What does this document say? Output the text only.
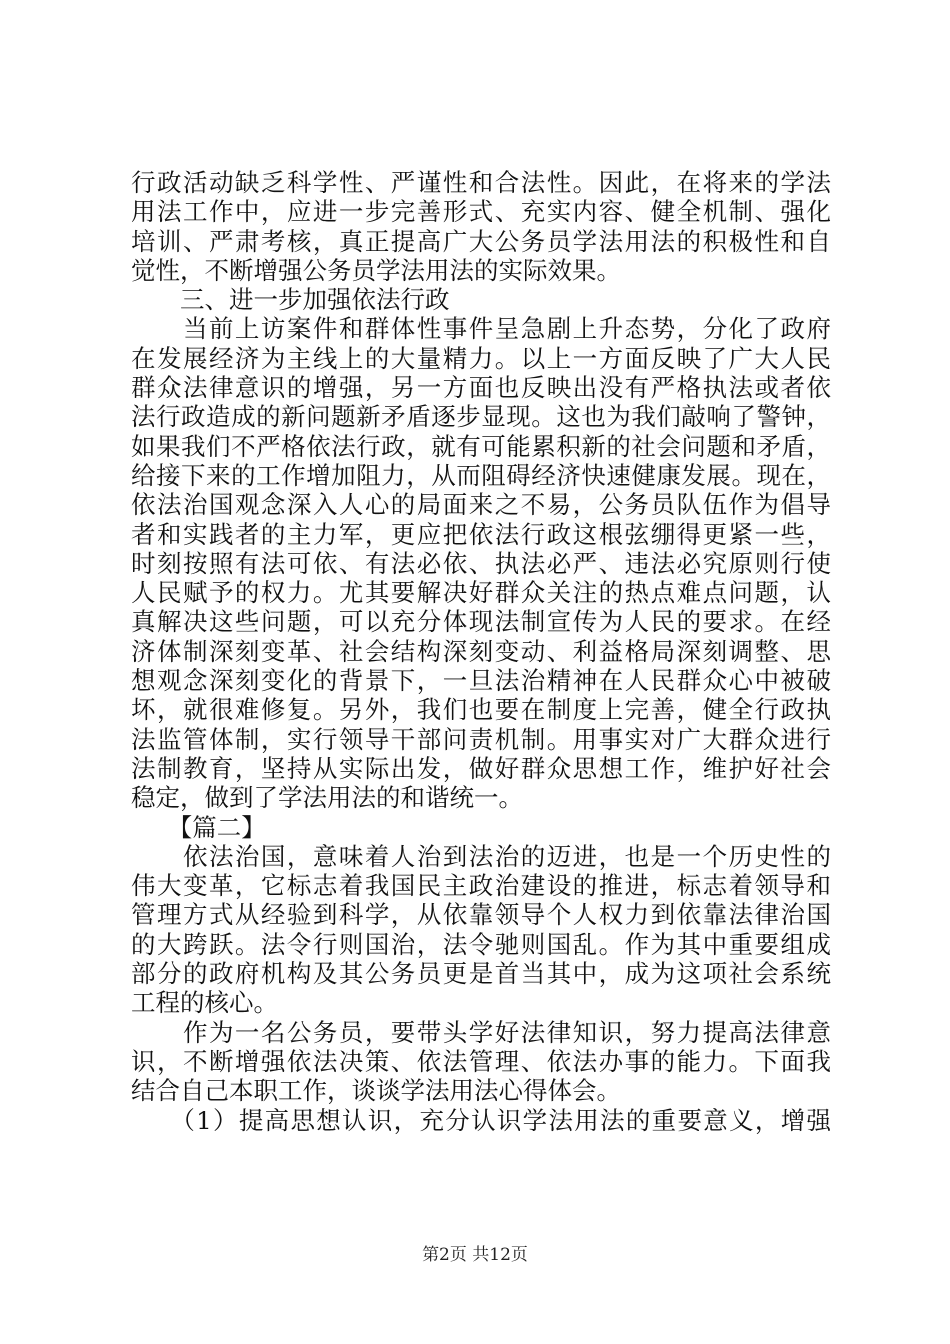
行政活动缺乏科学性、严谨性和合法性。因此，在将来的学法
用法工作中，应进一步完善形式、充实内容、健全机制、强化
培训、严肃考核，真正提高广大公务员学法用法的积极性和自
觉性，不断增强公务员学法用法的实际效果。
　　三、进一步加强依法行政
　　当前上访案件和群体性事件呈急剧上升态势，分化了政府
在发展经济为主线上的大量精力。以上一方面反映了广大人民
群众法律意识的增强，另一方面也反映出没有严格执法或者依
法行政造成的新问题新矛盾逐步显现。这也为我们敲响了警钟，
如果我们不严格依法行政，就有可能累积新的社会问题和矛盾，
给接下来的工作增加阻力，从而阻碍经济快速健康发展。现在，
依法治国观念深入人心的局面来之不易，公务员队伍作为倡导
者和实践者的主力军，更应把依法行政这根弦绷得更紧一些，
时刻按照有法可依、有法必依、执法必严、违法必究原则行使
人民赋予的权力。尤其要解决好群众关注的热点难点问题，认
真解决这些问题，可以充分体现法制宣传为人民的要求。在经
济体制深刻变革、社会结构深刻变动、利益格局深刻调整、思
想观念深刻变化的背景下，一旦法治精神在人民群众心中被破
坏，就很难修复。另外，我们也要在制度上完善，健全行政执
法监管体制，实行领导干部问责机制。用事实对广大群众进行
法制教育，坚持从实际出发，做好群众思想工作，维护好社会
稳定，做到了学法用法的和谐统一。
　　【篇二】
　　依法治国，意味着人治到法治的迈进，也是一个历史性的
伟大变革，它标志着我国民主政治建设的推进，标志着领导和
管理方式从经验到科学，从依靠领导个人权力到依靠法律治国
的大跨跃。法令行则国治，法令驰则国乱。作为其中重要组成
部分的政府机构及其公务员更是首当其中，成为这项社会系统
工程的核心。
　　作为一名公务员，要带头学好法律知识，努力提高法律意
识，不断增强依法决策、依法管理、依法办事的能力。下面我
结合自己本职工作，谈谈学法用法心得体会。
　　（1）提高思想认识，充分认识学法用法的重要意义，增强
第2页 共12页
